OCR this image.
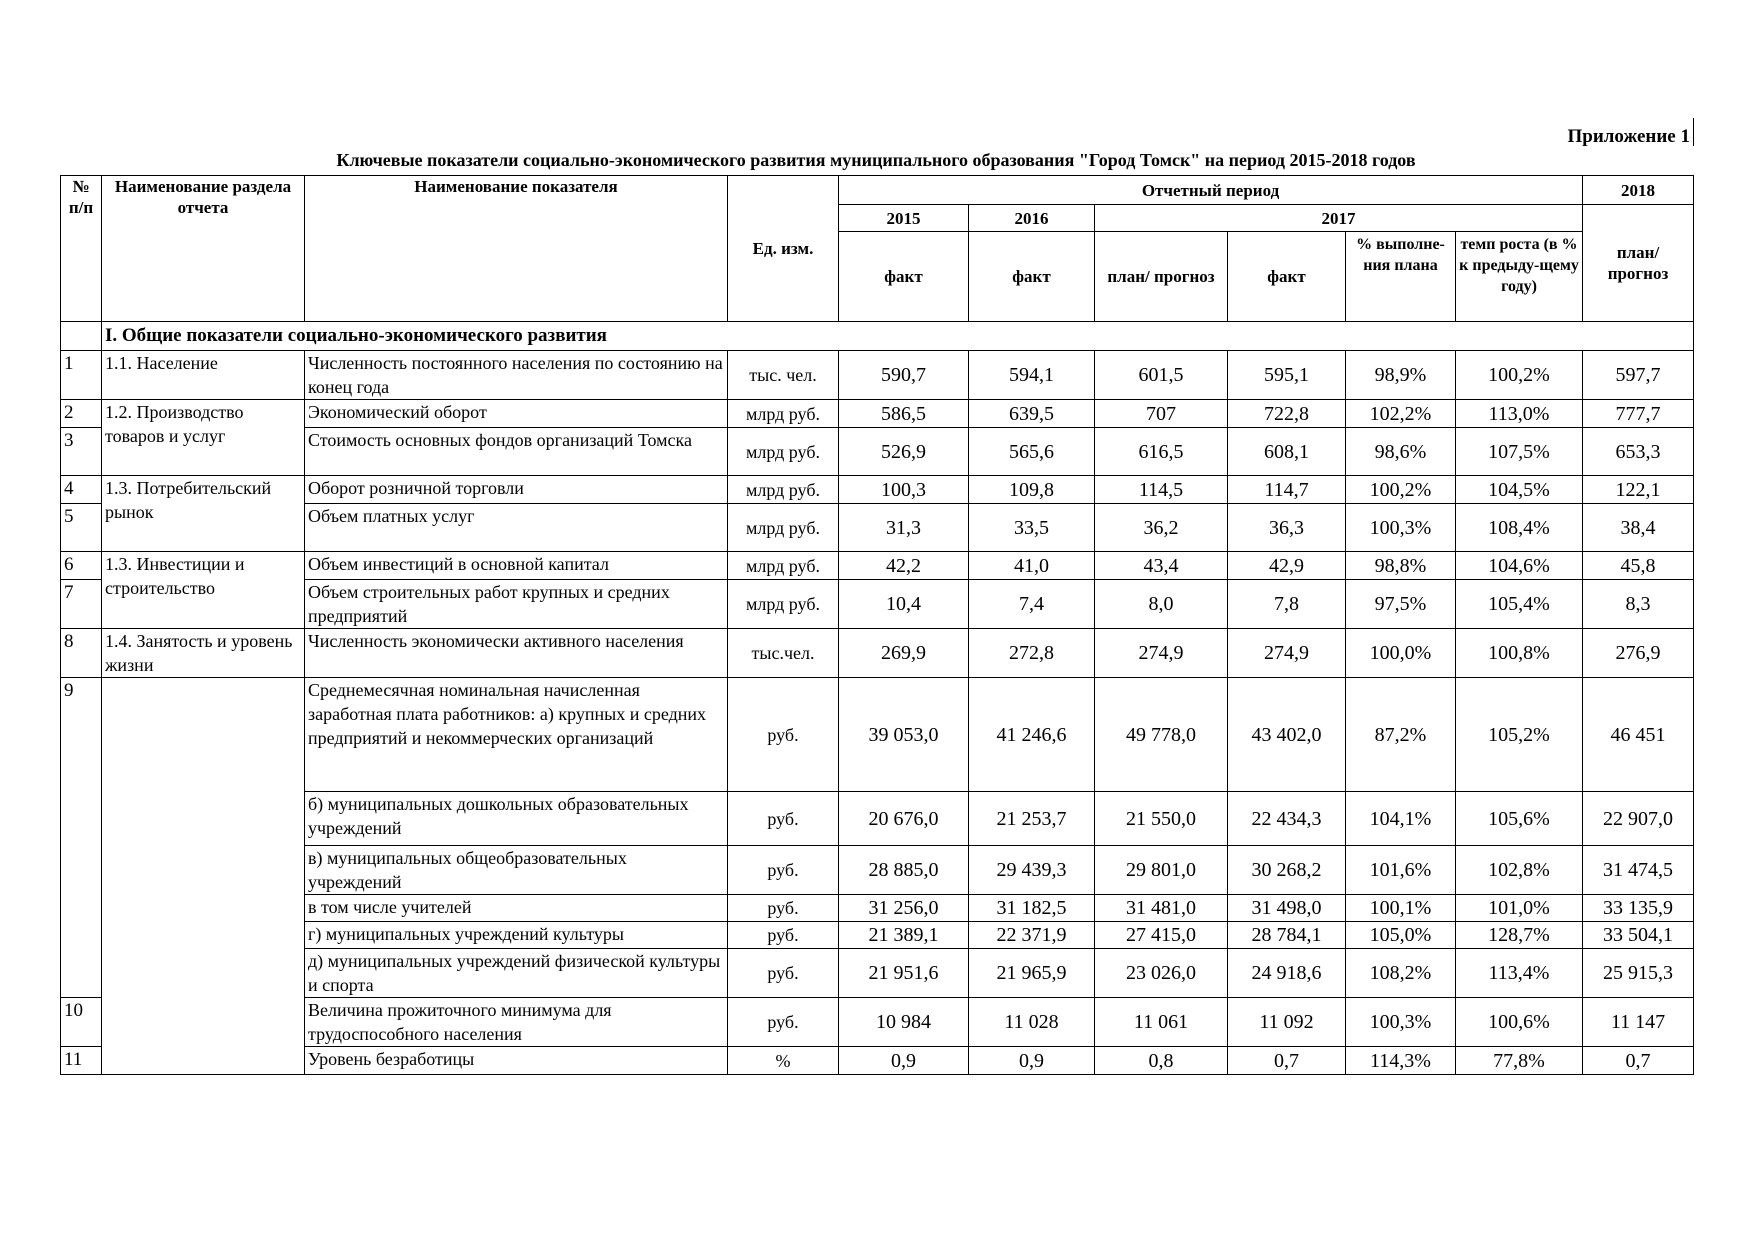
Приложение 1
Ключевые показатели социально-экономического развития муниципального образования "Город Томск" на период 2015-2018 годов
№ п/п	Наименование раздела отчета	Наименование показателя	Ед. изм.	Отчетный период						2018
				2015	2016	2017				план/ прогноз
				факт	факт	план/ прогноз	факт	% выполне-ния плана	темп роста (в % к предыду-щему году)	
	I. Общие показатели социально-экономического развития									
1	1.1. Население	Численность постоянного населения по состоянию на конец года	тыс. чел.	590,7	594,1	601,5	595,1	98,9%	100,2%	597,7
2	1.2. Производство товаров и услуг	Экономический оборот	млрд руб.	586,5	639,5	707	722,8	102,2%	113,0%	777,7
3		Стоимость основных фондов организаций Томска	млрд руб.	526,9	565,6	616,5	608,1	98,6%	107,5%	653,3
4	1.3. Потребительский рынок	Оборот розничной торговли	млрд руб.	100,3	109,8	114,5	114,7	100,2%	104,5%	122,1
5		Объем платных услуг	млрд руб.	31,3	33,5	36,2	36,3	100,3%	108,4%	38,4
6	1.3. Инвестиции и строительство	Объем инвестиций в основной капитал	млрд руб.	42,2	41,0	43,4	42,9	98,8%	104,6%	45,8
7		Объем строительных работ крупных и средних предприятий	млрд руб.	10,4	7,4	8,0	7,8	97,5%	105,4%	8,3
8	1.4. Занятость и уровень жизни	Численность экономически активного населения	тыс.чел.	269,9	272,8	274,9	274,9	100,0%	100,8%	276,9
9		Среднемесячная номинальная начисленная заработная плата работников: а) крупных и средних предприятий и некоммерческих организаций	руб.	39 053,0	41 246,6	49 778,0	43 402,0	87,2%	105,2%	46 451
		б) муниципальных дошкольных образовательных учреждений	руб.	20 676,0	21 253,7	21 550,0	22 434,3	104,1%	105,6%	22 907,0
		в) муниципальных общеобразовательных учреждений	руб.	28 885,0	29 439,3	29 801,0	30 268,2	101,6%	102,8%	31 474,5
		в том числе учителей	руб.	31 256,0	31 182,5	31 481,0	31 498,0	100,1%	101,0%	33 135,9
		г) муниципальных учреждений культуры	руб.	21 389,1	22 371,9	27 415,0	28 784,1	105,0%	128,7%	33 504,1
		д) муниципальных учреждений физической культуры и спорта	руб.	21 951,6	21 965,9	23 026,0	24 918,6	108,2%	113,4%	25 915,3
10		Величина прожиточного минимума для трудоспособного населения	руб.	10 984	11 028	11 061	11 092	100,3%	100,6%	11 147
11		Уровень безработицы	%	0,9	0,9	0,8	0,7	114,3%	77,8%	0,7
